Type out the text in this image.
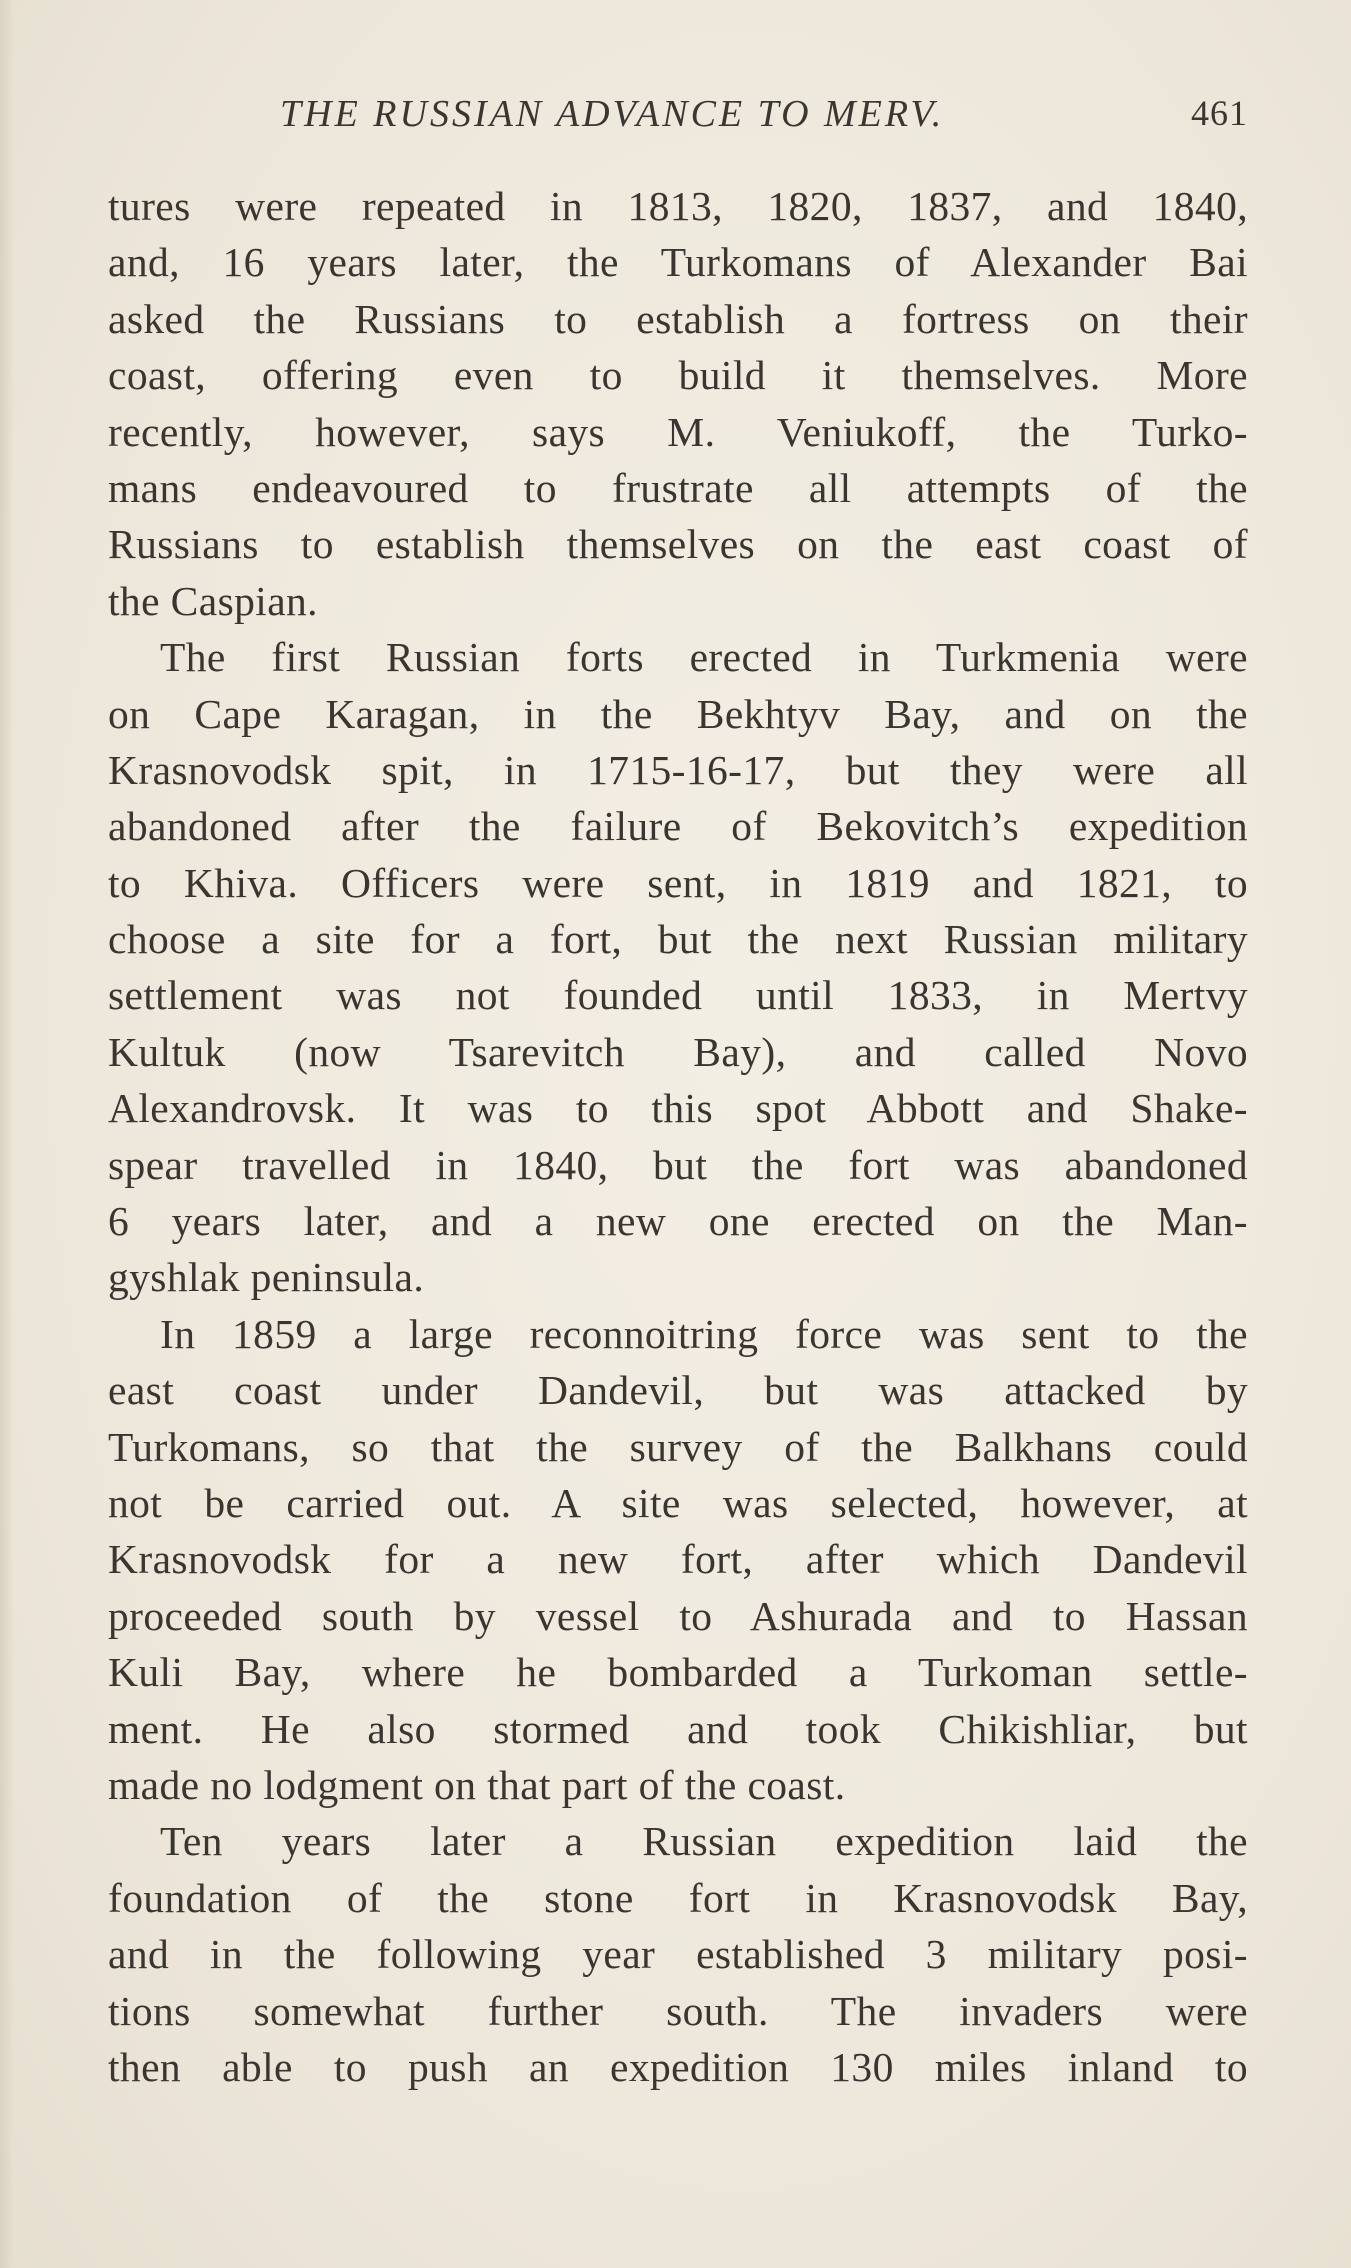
THE RUSSIAN ADVANCE TO MERV.	461
tures were repeated in 1813, 1820, 1837, and 1840,
and, 16 years later, the Turkomans of Alexander Bai
asked the Russians to establish a fortress on their
coast, offering even to build it themselves. More
recently, however, says M. Veniukoff, the Turko-
mans endeavoured to frustrate all attempts of the
Russians to establish themselves on the east coast of
the Caspian.
The first Russian forts erected in Turkmenia were
on Cape Karagan, in the Bekhtyv Bay, and on the
Krasnovodsk spit, in 1715-16-17, but they were all
abandoned after the failure of Bekovitch’s expedition
to Khiva. Officers were sent, in 1819 and 1821, to
choose a site for a fort, but the next Russian military
settlement was not founded until 1833, in Mertvy
Kultuk (now Tsarevitch Bay), and called Novo
Alexandrovsk. It was to this spot Abbott and Shake-
spear travelled in 1840, but the fort was abandoned
6 years later, and a new one erected on the Man-
gyshlak peninsula.
In 1859 a large reconnoitring force was sent to the
east coast under Dandevil, but was attacked by
Turkomans, so that the survey of the Balkhans could
not be carried out. A site was selected, however, at
Krasnovodsk for a new fort, after which Dandevil
proceeded south by vessel to Ashurada and to Hassan
Kuli Bay, where he bombarded a Turkoman settle-
ment. He also stormed and took Chikishliar, but
made no lodgment on that part of the coast.
Ten years later a Russian expedition laid the
foundation of the stone fort in Krasnovodsk Bay,
and in the following year established 3 military posi-
tions somewhat further south. The invaders were
then able to push an expedition 130 miles inland to
